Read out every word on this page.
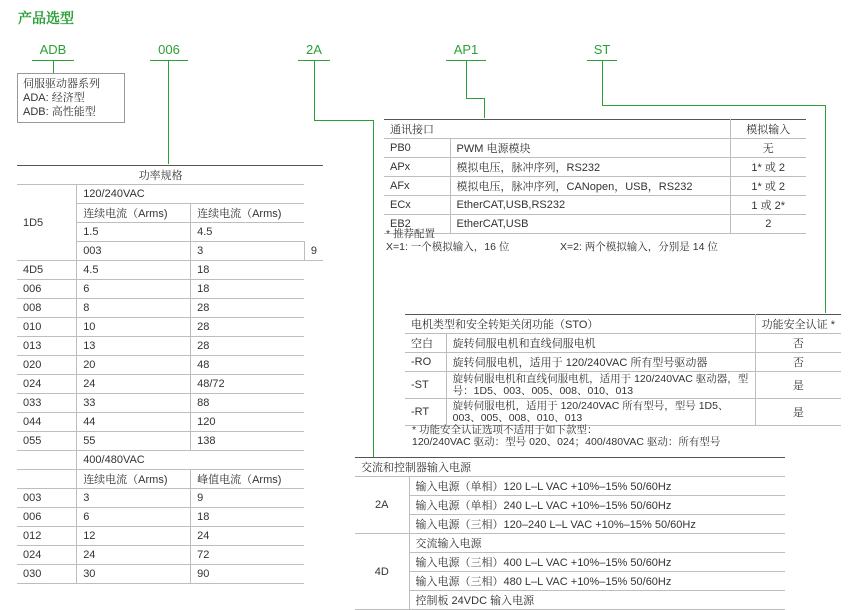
产品选型
ADB	006	2A	AP1	ST
伺服驱动器系列
ADA: 经济型
ADB: 高性能型
功率规格			
1D5	120/240VAC		
	连续电流（Arms)	连续电流（Arms)	
	1.5	4.5	
	003	3	9
4D5	4.5	18	
006	6	18	
008	8	28	
010	10	28	
013	13	28	
020	20	48	
024	24	48/72	
033	33	88	
044	44	120	
055	55	138	
	400/480VAC		
	连续电流（Arms)	峰值电流（Arms)	
003	3	9	
006	6	18	
012	12	24	
024	24	72	
030	30	90	
通讯接口		模拟输入
PB0	PWM 电源模块	无
APx	模拟电压，脉冲序列，RS232	1* 或 2
AFx	模拟电压，脉冲序列，CANopen，USB，RS232	1* 或 2
ECx	EtherCAT,USB,RS232	1 或 2*
EB2	EtherCAT,USB	2
* 推荐配置
X=1: 一个模拟输入，16 位	X=2: 两个模拟输入，分别是 14 位
电机类型和安全转矩关闭功能（STO）		功能安全认证 *
空白	旋转伺服电机和直线伺服电机	否
-RO	旋转伺服电机，适用于 120/240VAC 所有型号驱动器	否
-ST	旋转伺服电机和直线伺服电机，适用于 120/240VAC 驱动器，型号：1D5、003、005、008、010、013	是
-RT	旋转伺服电机，适用于 120/240VAC 所有型号，型号 1D5、003、005、008、010、013	是
* 功能安全认证选项不适用于如下款型：
120/240VAC 驱动：型号 020、024；400/480VAC 驱动：所有型号
交流和控制器输入电源	
2A	输入电源（单相）120 L–L VAC +10%–15% 50/60Hz
	输入电源（单相）240 L–L VAC +10%–15% 50/60Hz
	输入电源（三相）120–240 L–L VAC +10%–15% 50/60Hz
4D	交流输入电源
	输入电源（三相）400 L–L VAC +10%–15% 50/60Hz
	输入电源（三相）480 L–L VAC +10%–15% 50/60Hz
	控制板 24VDC 输入电源
